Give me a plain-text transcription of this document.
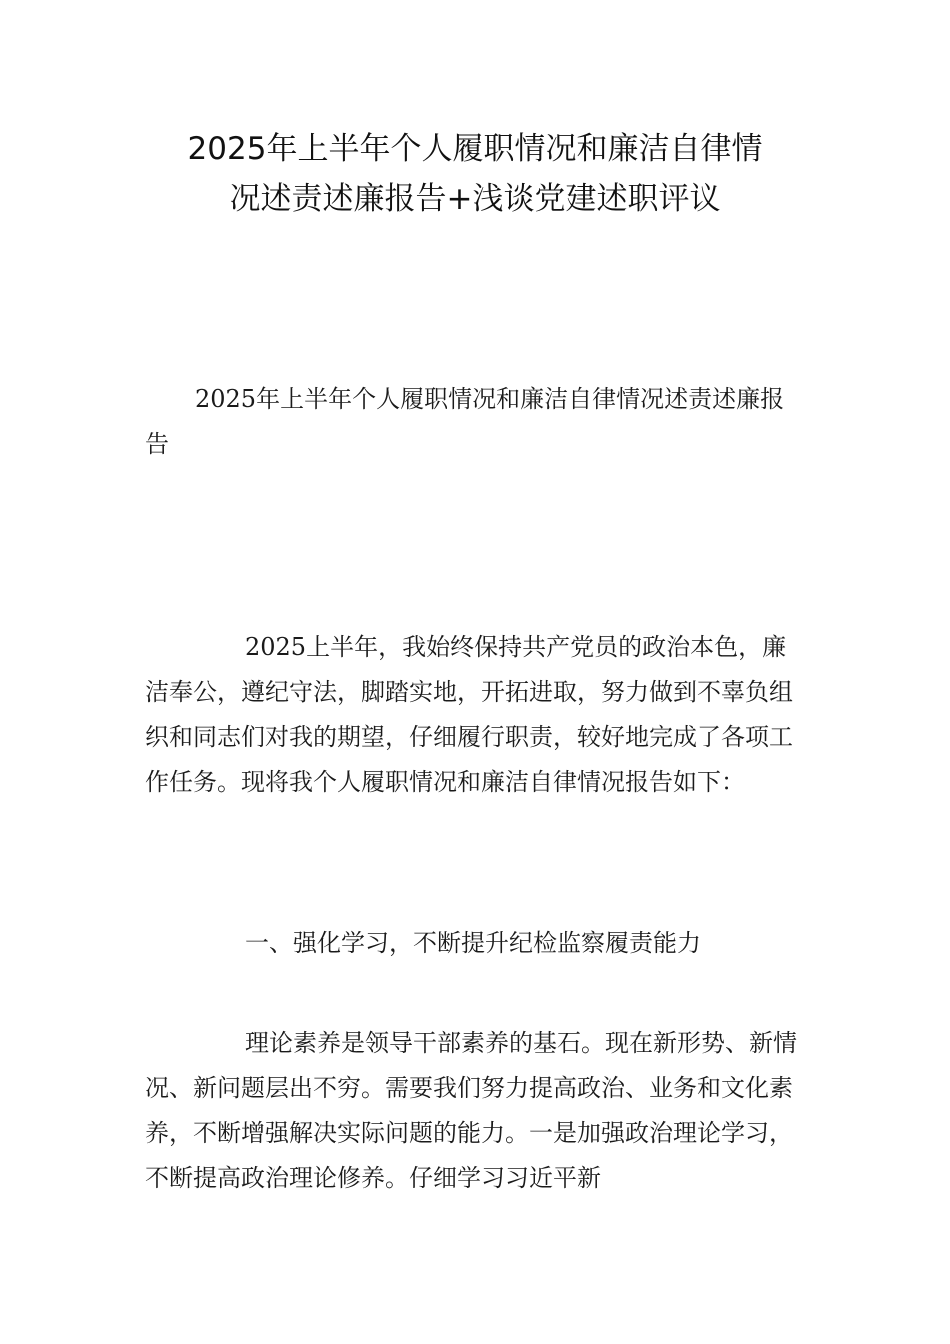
2025年上半年个人履职情况和廉洁自律情
况述责述廉报告+浅谈党建述职评议

2025年上半年个人履职情况和廉洁自律情况述责述廉报告

2025上半年，我始终保持共产党员的政治本色，廉洁奉公，遵纪守法，脚踏实地，开拓进取，努力做到不辜负组织和同志们对我的期望，仔细履行职责，较好地完成了各项工作任务。现将我个人履职情况和廉洁自律情况报告如下：

一、强化学习，不断提升纪检监察履责能力

理论素养是领导干部素养的基石。现在新形势、新情况、新问题层出不穷。需要我们努力提高政治、业务和文化素养，不断增强解决实际问题的能力。一是加强政治理论学习，不断提高政治理论修养。仔细学习习近平新
